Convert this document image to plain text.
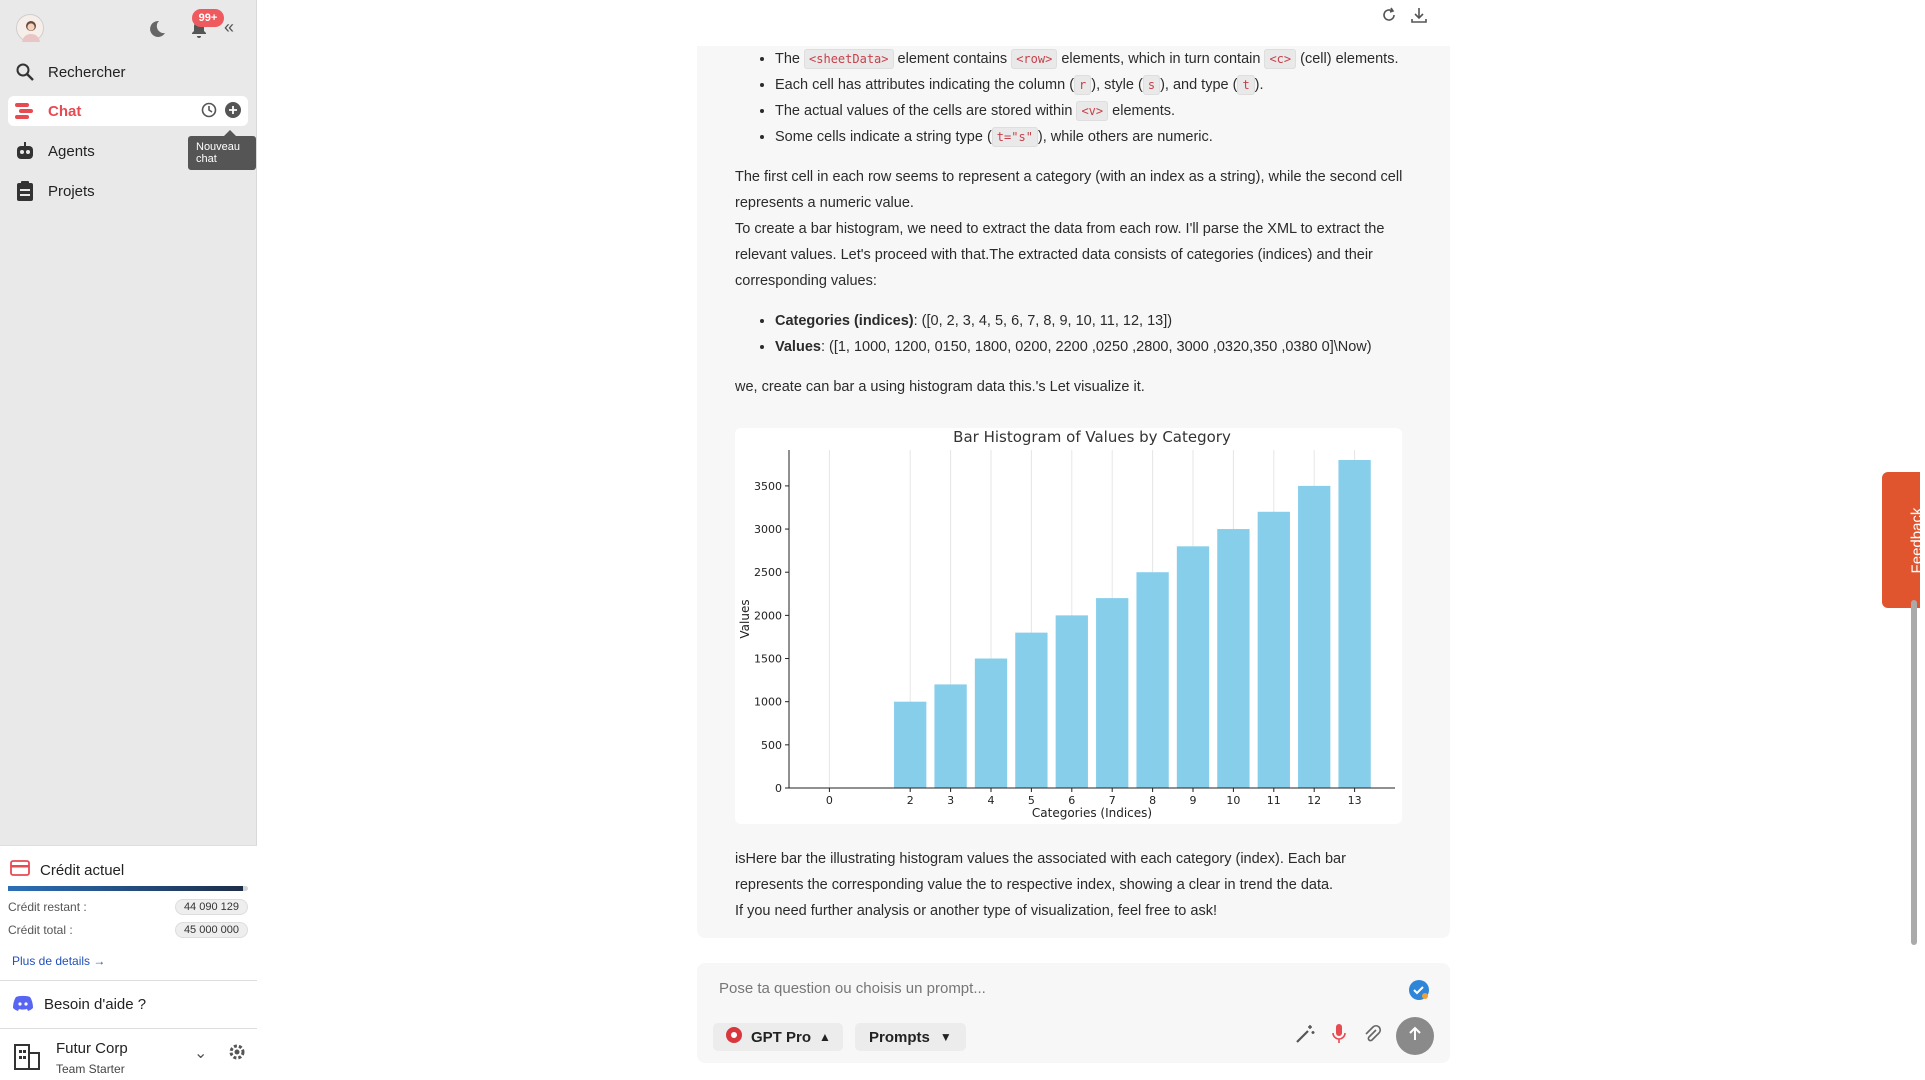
99+ «
Rechercher
Chat
Nouveau chat
Agents
Projets
Crédit actuel
Crédit restant :	44 090 129
Crédit total :	45 000 000
Plus de details →
Besoin d'aide ?
Futur Corp
Team Starter
⌄
• The <sheetData> element contains <row> elements, which in turn contain <c> (cell) elements.
• Each cell has attributes indicating the column ( r ), style ( s ), and type ( t ).
• The actual values of the cells are stored within <v> elements.
• Some cells indicate a string type ( t="s" ), while others are numeric.

The first cell in each row seems to represent a category (with an index as a string), while the second cell represents a numeric value.

To create a bar histogram, we need to extract the data from each row. I'll parse the XML to extract the relevant values. Let's proceed with that.The extracted data consists of categories (indices) and their corresponding values:

• Categories (indices): ([0, 2, 3, 4, 5, 6, 7, 8, 9, 10, 11, 12, 13])
• Values: ([1, 1000, 1200, 0150, 1800, 0200, 2200 ,0250 ,2800, 3000 ,0320,350 ,0380 0]\Now)

we, create can bar a using histogram data this.'s Let visualize it.

Bar Histogram of Values by Category
0
500
1000
1500
2000
2500
3000
3500
0	2	3	4	5	6	7	8	9	10 11 12 13
Categories (Indices)
Values

isHere bar the illustrating histogram values the associated with each category (index). Each bar represents the corresponding value the to respective index, showing a clear in trend the data.

If you need further analysis or another type of visualization, feel free to ask!

Pose ta question ou choisis un prompt...
GPT Pro ▲	Prompts ▼
Feedback
